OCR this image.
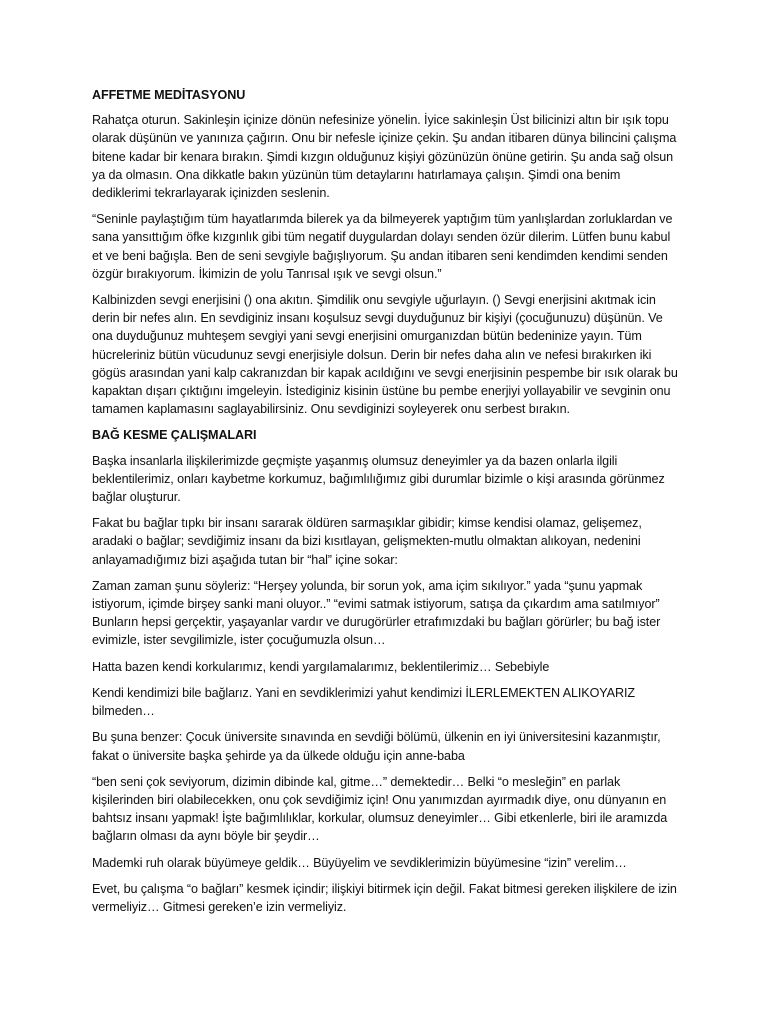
AFFETME MEDİTASYONU

Rahatça oturun. Sakinleşin içinize dönün nefesinize yönelin. İyice sakinleşin Üst bilicinizi altın bir ışık topu olarak düşünün ve yanınıza çağırın. Onu bir nefesle içinize çekin. Şu andan itibaren dünya bilincini çalışma bitene kadar bir kenara bırakın. Şimdi kızgın olduğunuz kişiyi gözünüzün önüne getirin. Şu anda sağ olsun ya da olmasın. Ona dikkatle bakın yüzünün tüm detaylarını hatırlamaya çalışın. Şimdi ona benim dediklerimi tekrarlayarak içinizden seslenin.

“Seninle paylaştığım tüm hayatlarımda bilerek ya da bilmeyerek yaptığım tüm yanlışlardan zorluklardan ve sana yansıttığım öfke kızgınlık gibi tüm negatif duygulardan dolayı senden özür dilerim. Lütfen bunu kabul et ve beni bağışla. Ben de seni sevgiyle bağışlıyorum. Şu andan itibaren seni kendimden kendimi senden özgür bırakıyorum. İkimizin de yolu Tanrısal ışık ve sevgi olsun.”

Kalbinizden sevgi enerjisini () ona akıtın. Şimdilik onu sevgiyle uğurlayın. () Sevgi enerjisini akıtmak icin derin bir nefes alın. En sevdiginiz insanı koşulsuz sevgi duyduğunuz bir kişiyi (çocuğunuzu) düşünün. Ve ona duyduğunuz muhteşem sevgiyi yani sevgi enerjisini omurganızdan bütün bedeninize yayın. Tüm hücreleriniz bütün vücudunuz sevgi enerjisiyle dolsun. Derin bir nefes daha alın ve nefesi bırakırken iki gögüs arasından yani kalp cakranızdan bir kapak acıldığını ve sevgi enerjisinin pespembe bir ısık olarak bu kapaktan dışarı çıktığını imgeleyin. İstediginiz kisinin üstüne bu pembe enerjiyi yollayabilir ve sevginin onu tamamen kaplamasını saglayabilirsiniz. Onu sevdiginizi soyleyerek onu serbest bırakın.

BAĞ KESME ÇALIŞMALARI

Başka insanlarla ilişkilerimizde geçmişte yaşanmış olumsuz deneyimler ya da bazen onlarla ilgili beklentilerimiz, onları kaybetme korkumuz, bağımlılığımız gibi durumlar bizimle o kişi arasında görünmez bağlar oluşturur.

Fakat bu bağlar tıpkı bir insanı sararak öldüren sarmaşıklar gibidir; kimse kendisi olamaz, gelişemez, aradaki o bağlar; sevdiğimiz insanı da bizi kısıtlayan, gelişmekten-mutlu olmaktan alıkoyan, nedenini anlayamadığımız bizi aşağıda tutan bir “hal” içine sokar:

Zaman zaman şunu söyleriz: “Herşey yolunda, bir sorun yok, ama içim sıkılıyor.” yada “şunu yapmak istiyorum, içimde birşey sanki mani oluyor..” “evimi satmak istiyorum, satışa da çıkardım ama satılmıyor” Bunların hepsi gerçektir, yaşayanlar vardır ve durugörürler etrafımızdaki bu bağları görürler; bu bağ ister evimizle, ister sevgilimizle, ister çocuğumuzla olsun…

Hatta bazen kendi korkularımız, kendi yargılamalarımız, beklentilerimiz… Sebebiyle

Kendi kendimizi bile bağlarız. Yani en sevdiklerimizi yahut kendimizi İLERLEMEKTEN ALIKOYARIZ bilmeden…

Bu şuna benzer: Çocuk üniversite sınavında en sevdiği bölümü, ülkenin en iyi üniversitesini kazanmıştır, fakat o üniversite başka şehirde ya da ülkede olduğu için anne-baba

“ben seni çok seviyorum, dizimin dibinde kal, gitme…” demektedir… Belki “o mesleğin” en parlak kişilerinden biri olabilecekken, onu çok sevdiğimiz için! Onu yanımızdan ayırmadık diye, onu dünyanın en bahtsız insanı yapmak! İşte bağımlılıklar, korkular, olumsuz deneyimler… Gibi etkenlerle, biri ile aramızda bağların olması da aynı böyle bir şeydir…

Mademki ruh olarak büyümeye geldik… Büyüyelim ve sevdiklerimizin büyümesine “izin” verelim…

Evet, bu çalışma “o bağları” kesmek içindir; ilişkiyi bitirmek için değil. Fakat bitmesi gereken ilişkilere de izin vermeliyiz… Gitmesi gereken’e izin vermeliyiz.
